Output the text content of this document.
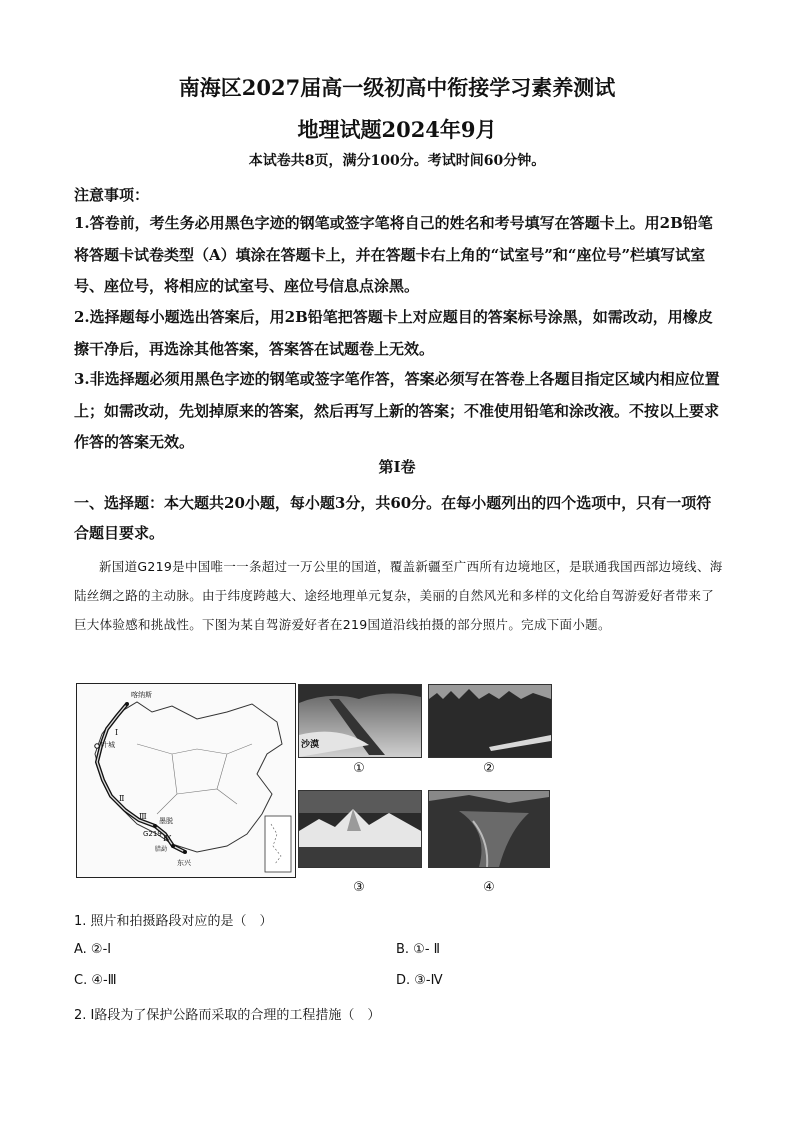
南海区2027届高一级初高中衔接学习素养测试
地理试题2024年9月
本试卷共8页，满分100分。考试时间60分钟。
注意事项：
1.答卷前，考生务必用黑色字迹的钢笔或签字笔将自己的姓名和考号填写在答题卡上。用2B铅笔将答题卡试卷类型（A）填涂在答题卡上，并在答题卡右上角的“试室号”和“座位号”栏填写试室号、座位号，将相应的试室号、座位号信息点涂黑。
2.选择题每小题选出答案后，用2B铅笔把答题卡上对应题目的答案标号涂黑，如需改动，用橡皮擦干净后，再选涂其他答案，答案答在试题卷上无效。
3.非选择题必须用黑色字迹的钢笔或签字笔作答，答案必须写在答卷上各题目指定区域内相应位置上；如需改动，先划掉原来的答案，然后再写上新的答案；不准使用铅笔和涂改液。不按以上要求作答的答案无效。
第Ⅰ卷
一、选择题：本大题共20小题，每小题3分，共60分。在每小题列出的四个选项中，只有一项符合题目要求。
新国道G219是中国唯一一条超过一万公里的国道，覆盖新疆至广西所有边境地区，是联通我国西部边境线、海陆丝绸之路的主动脉。由于纬度跨越大、途经地理单元复杂，美丽的自然风光和多样的文化给自驾游爱好者带来了巨大体验感和挑战性。下图为某自驾游爱好者在219国道沿线拍摄的部分照片。完成下面小题。
喀纳斯
叶城
Ⅰ
Ⅱ
Ⅲ
Ⅳ
墨脱
G219
腊勐
东兴
沙漠
①	②
③	④
1. 照片和拍摄路段对应的是（　）
A. ②-Ⅰ	B. ①- Ⅱ
C. ④-Ⅲ	D. ③-Ⅳ
2. Ⅰ路段为了保护公路而采取的合理的工程措施（　）
